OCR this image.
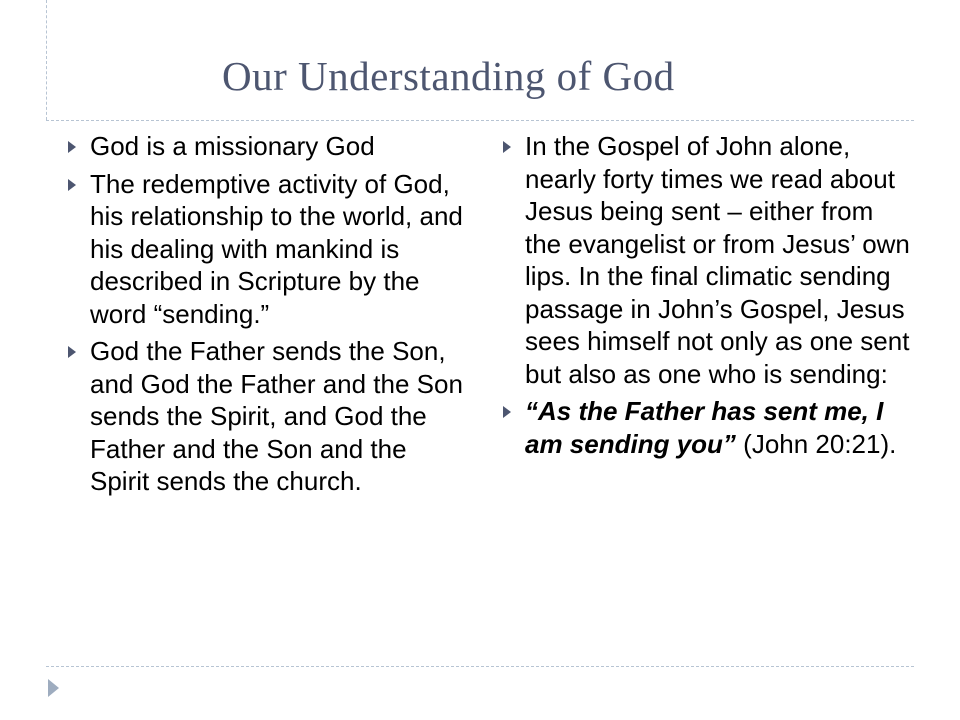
Our Understanding of God
God is a missionary God
The redemptive activity of God, his relationship to the world, and his dealing with mankind is described in Scripture by the word “sending.”
God the Father sends the Son, and God the Father and the Son sends the Spirit, and God the Father and the Son and the Spirit sends the church.
In the Gospel of John alone, nearly forty times we read about Jesus being sent – either from the evangelist or from Jesus’ own lips. In the final climatic sending passage in John’s Gospel, Jesus sees himself not only as one sent but also as one who is sending:
“As the Father has sent me, I am sending you” (John 20:21).
